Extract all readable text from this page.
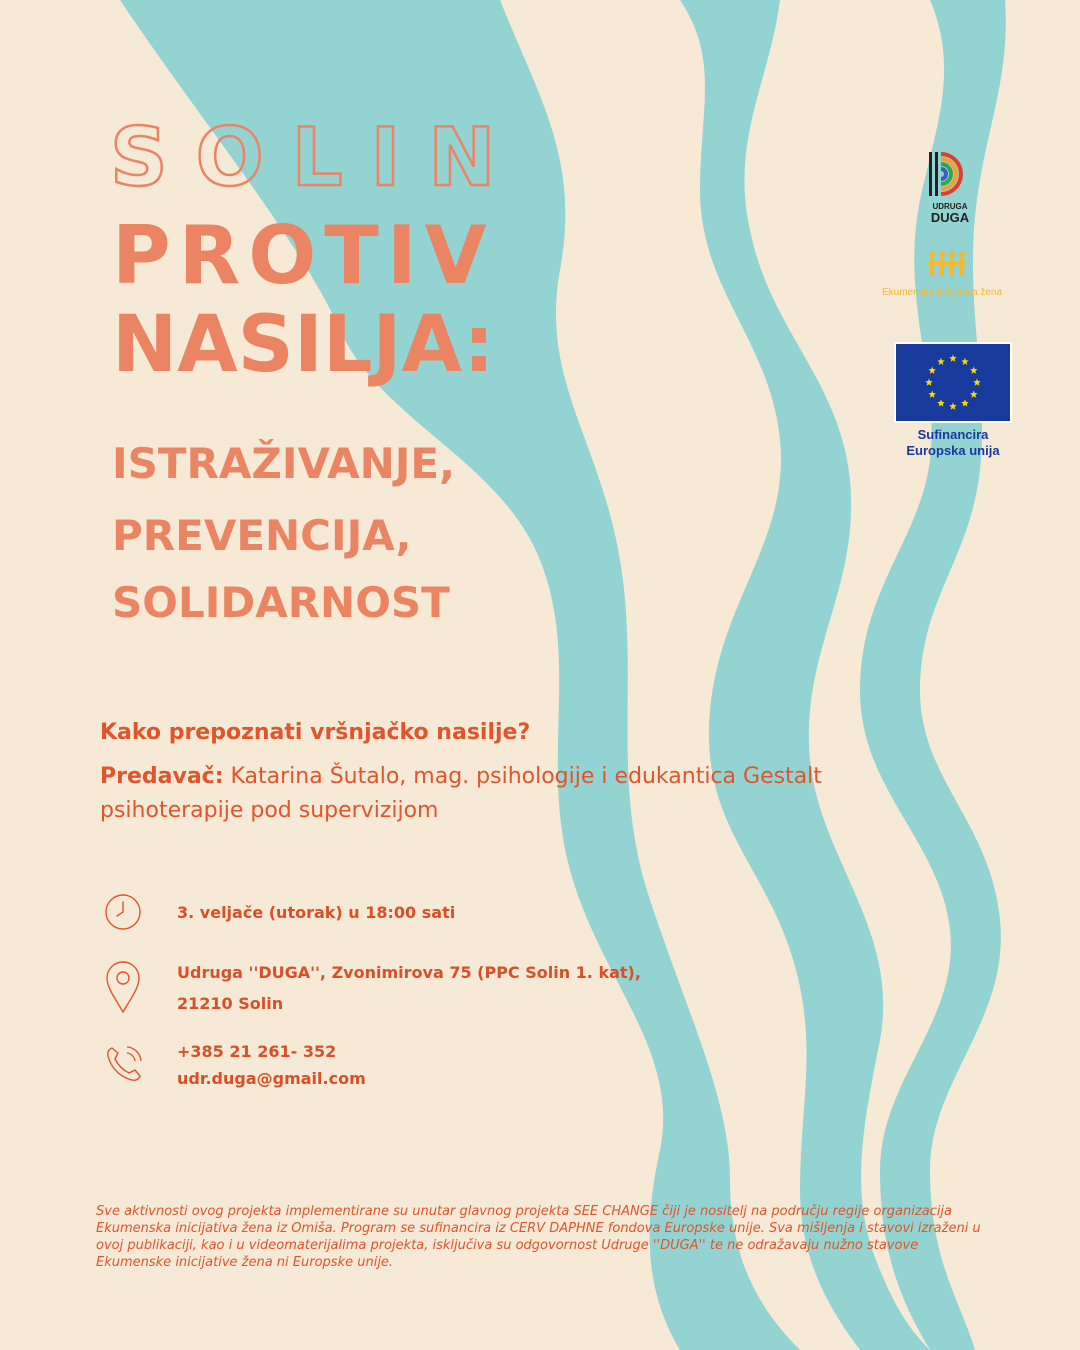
SOLIN
PROTIV
NASILJA:
ISTRAŽIVANJE,
PREVENCIJA,
SOLIDARNOST
Kako prepoznati vršnjačko nasilje?
Predavač: Katarina Šutalo, mag. psihologije i edukantica Gestalt psihoterapije pod supervizijom
3. veljače (utorak) u 18:00 sati
Udruga ''DUGA'', Zvonimirova 75 (PPC Solin 1. kat),
21210 Solin
+385 21 261- 352
udr.duga@gmail.com
UDRUGA
DUGA
Ekumenska inicijativa žena
Sufinancira
Europska unija
Sve aktivnosti ovog projekta implementirane su unutar glavnog projekta SEE CHANGE čiji je nositelj na području regije organizacija Ekumenska inicijativa žena iz Omiša. Program se sufinancira iz CERV DAPHNE fondova Europske unije. Sva mišljenja i stavovi izraženi u ovoj publikaciji, kao i u videomaterijalima projekta, isključiva su odgovornost Udruge ''DUGA'' te ne odražavaju nužno stavove Ekumenske inicijative žena ni Europske unije.
